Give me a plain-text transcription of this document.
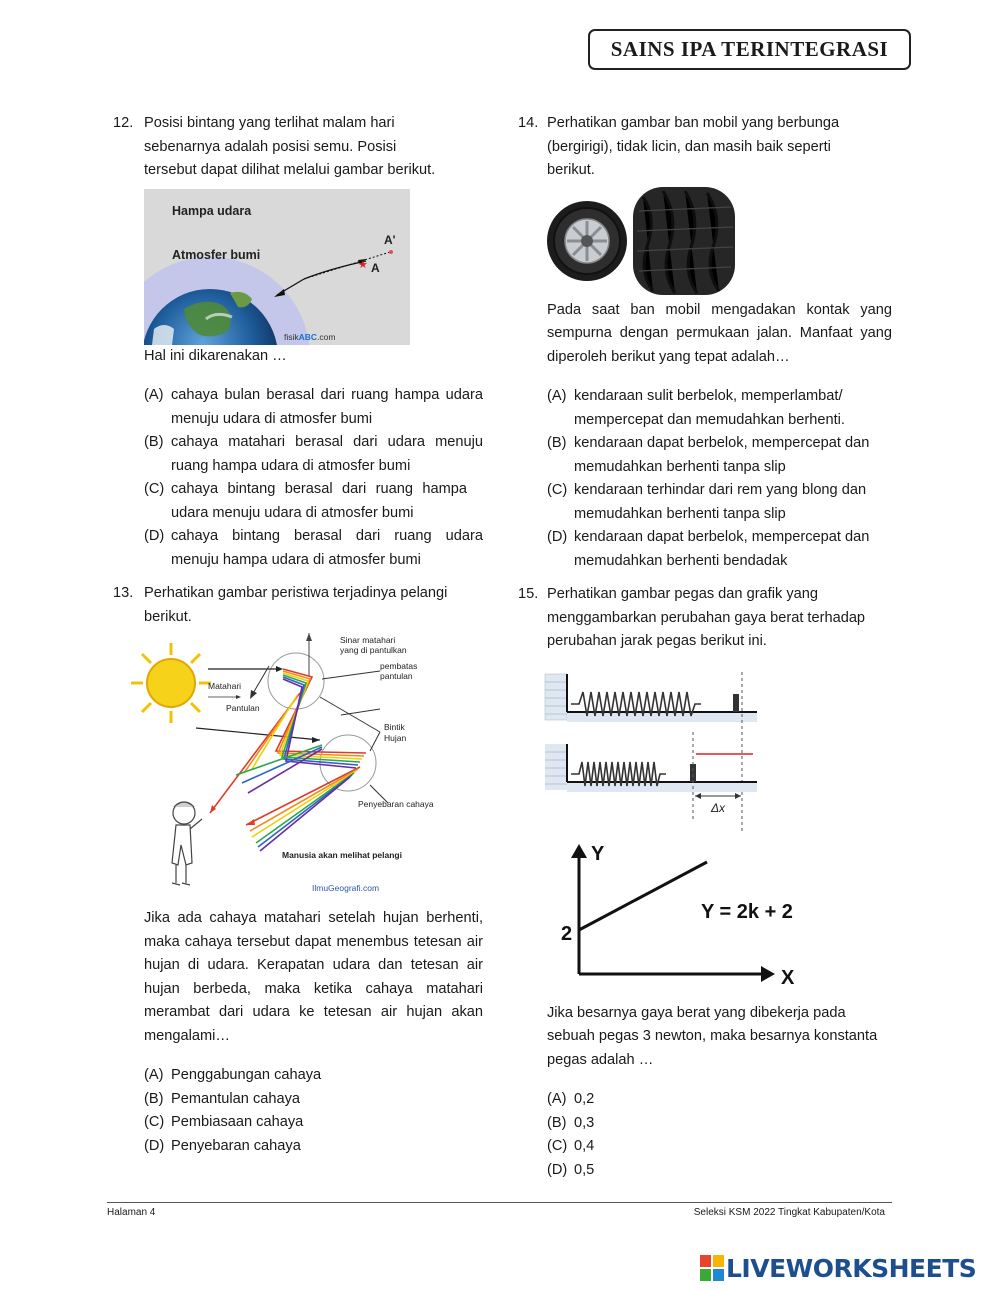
SAINS IPA TERINTEGRASI
12. Posisi bintang yang terlihat malam hari sebenarnya adalah posisi semu. Posisi tersebut dapat dilihat melalui gambar berikut.

Hampa udara
Atmosfer bumi
A'
A
★
fisikABC.com

Hal ini dikarenakan …

(A) cahaya bulan berasal dari ruang hampa udara menuju udara di atmosfer bumi
(B) cahaya matahari berasal dari udara menuju ruang hampa udara di atmosfer bumi
(C) cahaya bintang berasal dari ruang hampa udara menuju udara di atmosfer bumi
(D) cahaya bintang berasal dari ruang udara menuju hampa udara di atmosfer bumi
13. Perhatikan gambar peristiwa terjadinya pelangi berikut.

Sinar matahari
yang di pantulkan
pembatas
pantulan
Matahari
Pantulan
Bintik
Hujan
Penyebaran cahaya
Manusia akan melihat pelangi
IlmuGeografi.com

Jika ada cahaya matahari setelah hujan berhenti, maka cahaya tersebut dapat menembus tetesan air hujan di udara. Kerapatan udara dan tetesan air hujan berbeda, maka ketika cahaya matahari merambat dari udara ke tetesan air hujan akan mengalami…

(A) Penggabungan cahaya
(B) Pemantulan cahaya
(C) Pembiasaan cahaya
(D) Penyebaran cahaya
14. Perhatikan gambar ban mobil yang berbunga (bergirigi), tidak licin, dan masih baik seperti berikut.

Pada saat ban mobil mengadakan kontak yang sempurna dengan permukaan jalan. Manfaat yang diperoleh berikut yang tepat adalah…

(A) kendaraan sulit berbelok, memperlambat/ mempercepat dan memudahkan berhenti.
(B) kendaraan dapat berbelok, mempercepat dan memudahkan berhenti tanpa slip
(C) kendaraan terhindar dari rem yang blong dan memudahkan berhenti tanpa slip
(D) kendaraan dapat berbelok, mempercepat dan memudahkan berhenti bendadak
15. Perhatikan gambar pegas dan grafik yang menggambarkan perubahan gaya berat terhadap perubahan jarak pegas berikut ini.

Δx
Y
X
2
Y = 2k + 2

Jika besarnya gaya berat yang dibekerja pada sebuah pegas 3 newton, maka besarnya konstanta pegas adalah …

(A) 0,2
(B) 0,3
(C) 0,4
(D) 0,5
Halaman 4	Seleksi KSM 2022 Tingkat Kabupaten/Kota
LIVEWORKSHEETS
